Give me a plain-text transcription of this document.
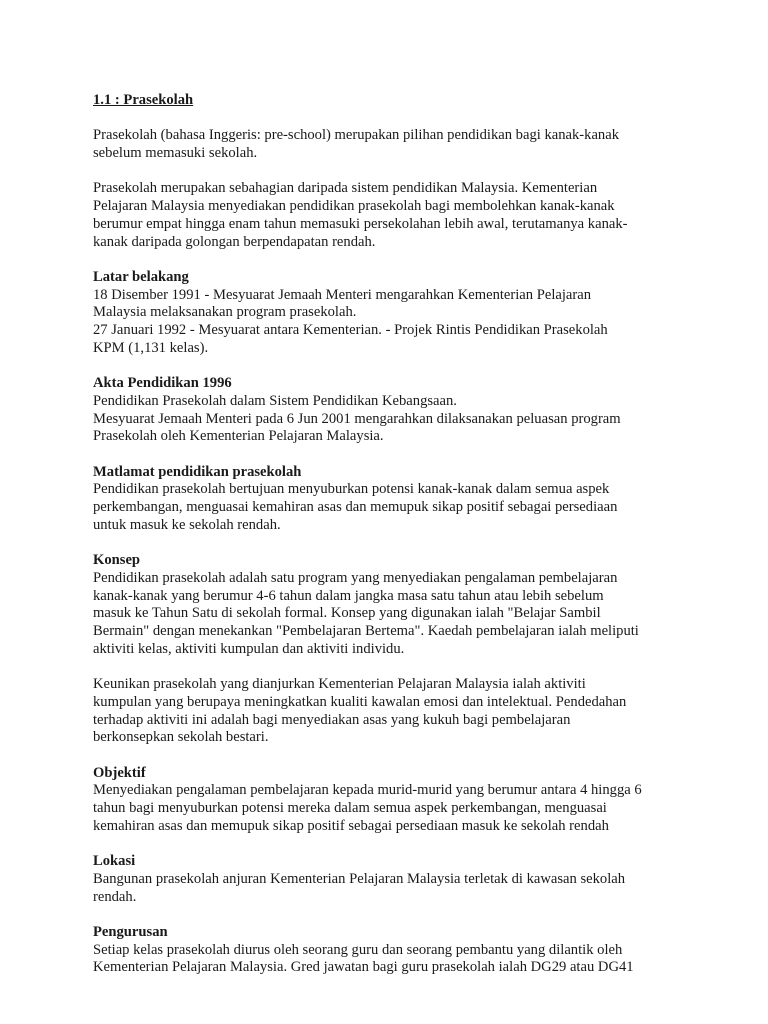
1.1 : Prasekolah

Prasekolah (bahasa Inggeris: pre-school) merupakan pilihan pendidikan bagi kanak-kanak
sebelum memasuki sekolah.

Prasekolah merupakan sebahagian daripada sistem pendidikan Malaysia. Kementerian
Pelajaran Malaysia menyediakan pendidikan prasekolah bagi membolehkan kanak-kanak
berumur empat hingga enam tahun memasuki persekolahan lebih awal, terutamanya kanak-
kanak daripada golongan berpendapatan rendah.

Latar belakang

18 Disember 1991 - Mesyuarat Jemaah Menteri mengarahkan Kementerian Pelajaran
Malaysia melaksanakan program prasekolah.
27 Januari 1992 - Mesyuarat antara Kementerian. - Projek Rintis Pendidikan Prasekolah
KPM (1,131 kelas).

Akta Pendidikan 1996

Pendidikan Prasekolah dalam Sistem Pendidikan Kebangsaan.
Mesyuarat Jemaah Menteri pada 6 Jun 2001 mengarahkan dilaksanakan peluasan program
Prasekolah oleh Kementerian Pelajaran Malaysia.

Matlamat pendidikan prasekolah

Pendidikan prasekolah bertujuan menyuburkan potensi kanak-kanak dalam semua aspek
perkembangan, menguasai kemahiran asas dan memupuk sikap positif sebagai persediaan
untuk masuk ke sekolah rendah.

Konsep

Pendidikan prasekolah adalah satu program yang menyediakan pengalaman pembelajaran
kanak-kanak yang berumur 4-6 tahun dalam jangka masa satu tahun atau lebih sebelum
masuk ke Tahun Satu di sekolah formal. Konsep yang digunakan ialah "Belajar Sambil
Bermain" dengan menekankan "Pembelajaran Bertema". Kaedah pembelajaran ialah meliputi
aktiviti kelas, aktiviti kumpulan dan aktiviti individu.
Keunikan prasekolah yang dianjurkan Kementerian Pelajaran Malaysia ialah aktiviti
kumpulan yang berupaya meningkatkan kualiti kawalan emosi dan intelektual. Pendedahan
terhadap aktiviti ini adalah bagi menyediakan asas yang kukuh bagi pembelajaran
berkonsepkan sekolah bestari.

Objektif

Menyediakan pengalaman pembelajaran kepada murid-murid yang berumur antara 4 hingga 6
tahun bagi menyuburkan potensi mereka dalam semua aspek perkembangan, menguasai
kemahiran asas dan memupuk sikap positif sebagai persediaan masuk ke sekolah rendah

Lokasi

Bangunan prasekolah anjuran Kementerian Pelajaran Malaysia terletak di kawasan sekolah
rendah.

Pengurusan

Setiap kelas prasekolah diurus oleh seorang guru dan seorang pembantu yang dilantik oleh
Kementerian Pelajaran Malaysia. Gred jawatan bagi guru prasekolah ialah DG29 atau DG41
